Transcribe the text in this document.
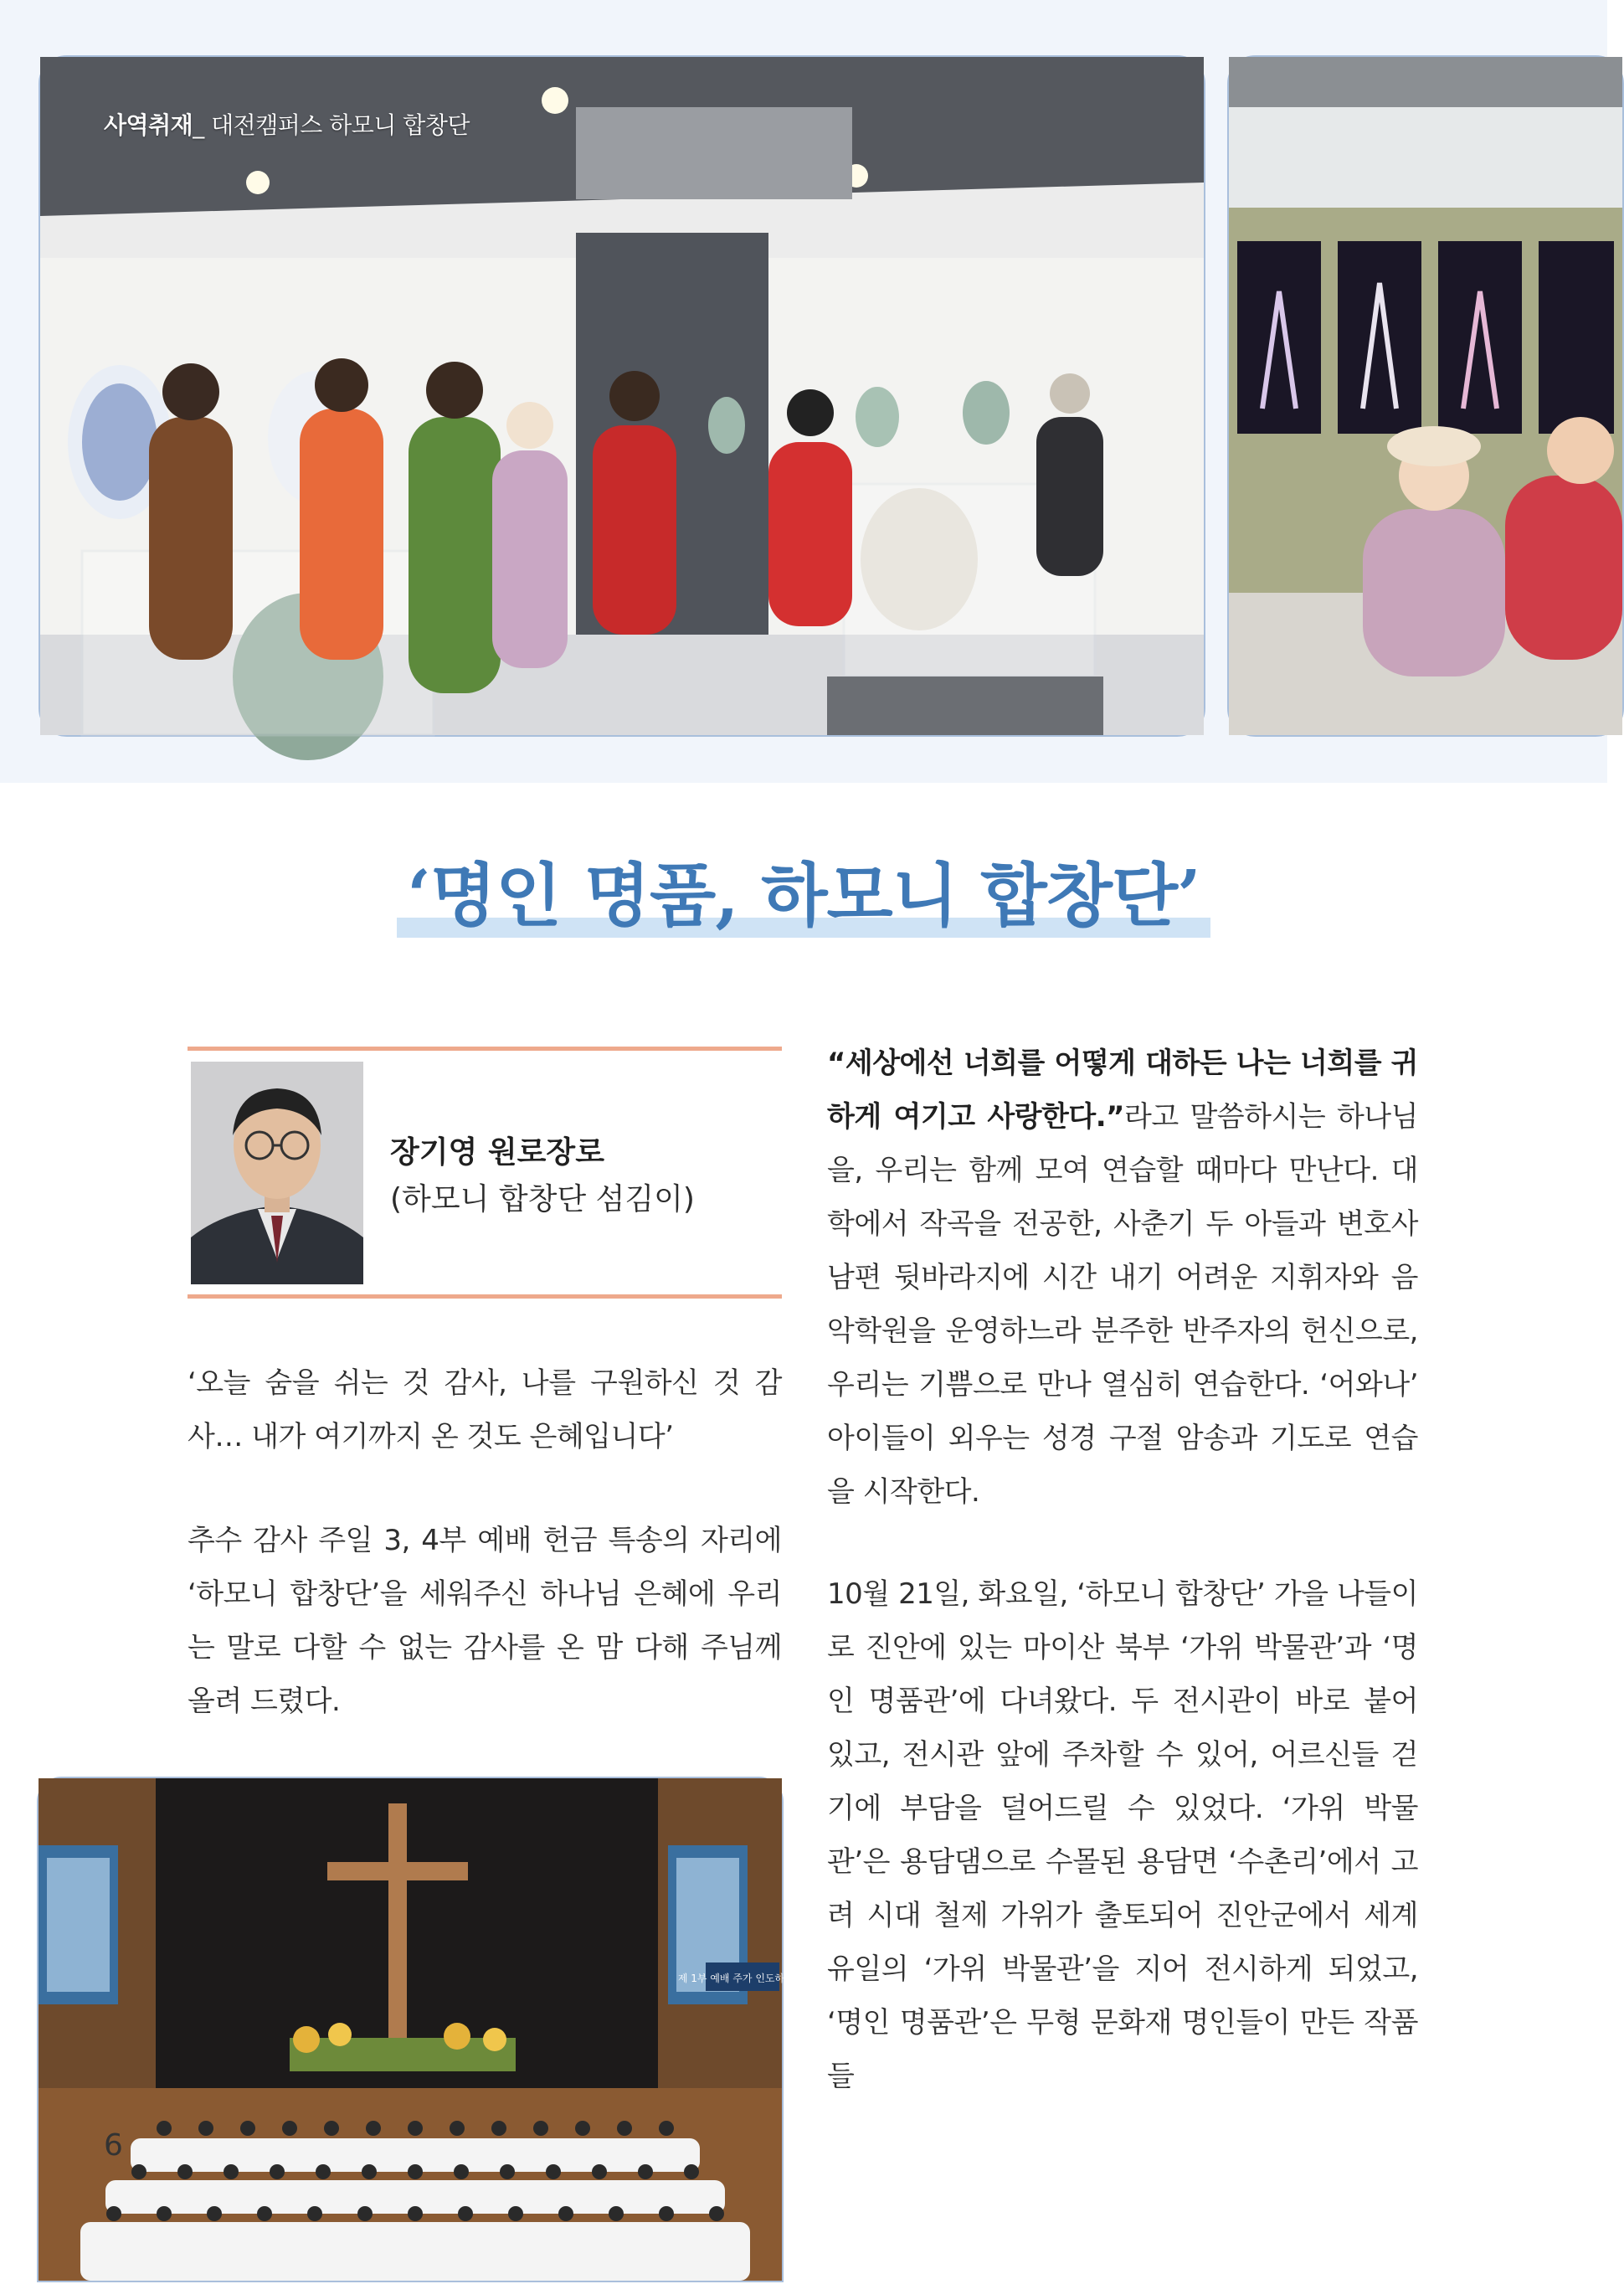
사역취재_ 대전캠퍼스 하모니 합창단
‘명인 명품, 하모니 합창단’
장기영 원로장로
(하모니 합창단 섬김이)
‘오늘 숨을 쉬는 것 감사, 나를 구원하신 것 감사… 내가 여기까지 온 것도 은혜입니다’
추수 감사 주일 3, 4부 예배 헌금 특송의 자리에 ‘하모니 합창단’을 세워주신 하나님 은혜에 우리는 말로 다할 수 없는 감사를 온 맘 다해 주님께 올려 드렸다.
“세상에선 너희를 어떻게 대하든 나는 너희를 귀하게 여기고 사랑한다.”라고 말씀하시는 하나님을, 우리는 함께 모여 연습할 때마다 만난다. 대학에서 작곡을 전공한, 사춘기 두 아들과 변호사 남편 뒷바라지에 시간 내기 어려운 지휘자와 음악학원을 운영하느라 분주한 반주자의 헌신으로, 우리는 기쁨으로 만나 열심히 연습한다. ‘어와나’ 아이들이 외우는 성경 구절 암송과 기도로 연습을 시작한다.
10월 21일, 화요일, ‘하모니 합창단’ 가을 나들이로 진안에 있는 마이산 북부 ‘가위 박물관’과 ‘명인 명품관’에 다녀왔다. 두 전시관이 바로 붙어 있고, 전시관 앞에 주차할 수 있어, 어르신들 걷기에 부담을 덜어드릴 수 있었다. ‘가위 박물관’은 용담댐으로 수몰된 용담면 ‘수촌리’에서 고려 시대 철제 가위가 출토되어 진안군에서 세계 유일의 ‘가위 박물관’을 지어 전시하게 되었고, ‘명인 명품관’은 무형 문화재 명인들이 만든 작품들
제 1부 예배 주가 인도하신 것
6
